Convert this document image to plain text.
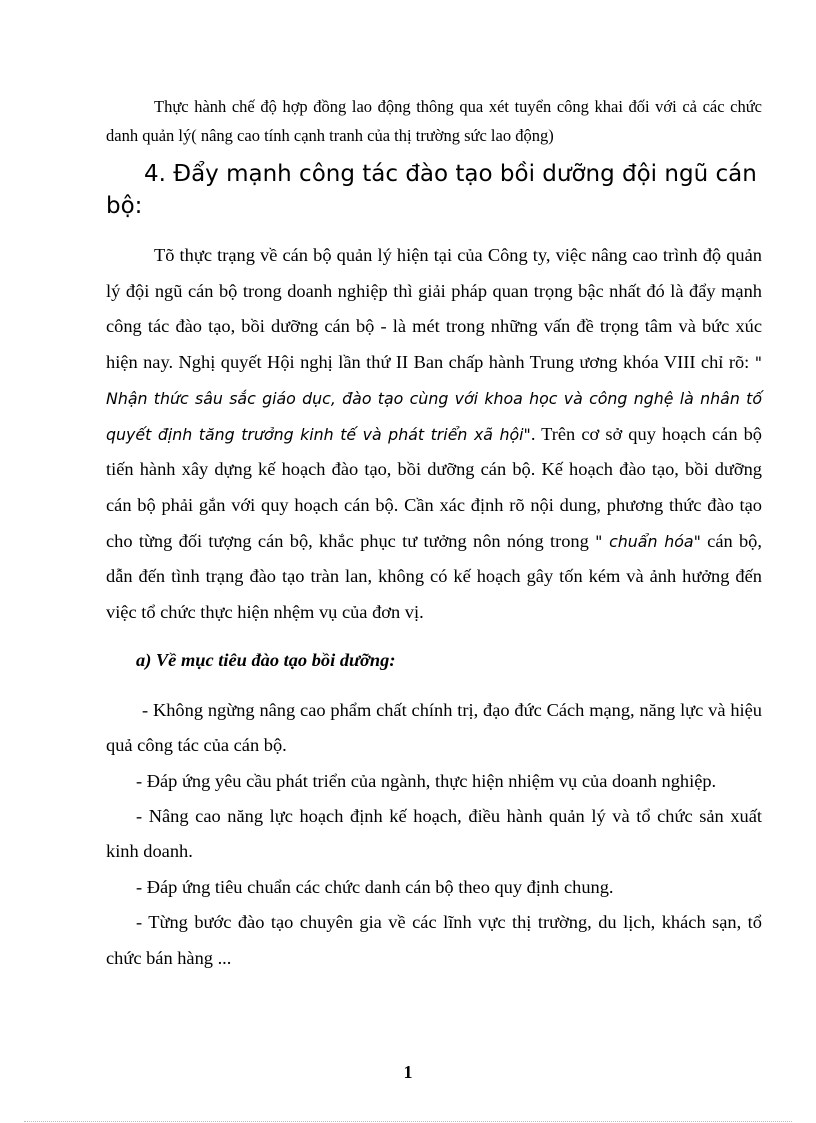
Thực hành chế độ hợp đồng lao động thông qua xét tuyển công khai đối với cả các chức danh quản lý( nâng cao tính cạnh tranh của thị trường sức lao động)

4. Đẩy mạnh công tác đào tạo bồi dưỡng đội ngũ cán bộ:

Tõ thực trạng về cán bộ quản lý hiện tại của Công ty, việc nâng cao trình độ quản lý đội ngũ cán bộ trong doanh nghiệp thì giải pháp quan trọng bậc nhất đó là đẩy mạnh công tác đào tạo, bồi dưỡng cán bộ - là mét trong những vấn đề trọng tâm và bức xúc hiện nay. Nghị quyết Hội nghị lần thứ II Ban chấp hành Trung ương khóa VIII chỉ rõ: " Nhận thức sâu sắc giáo dục, đào tạo cùng với khoa học và công nghệ là nhân tố quyết định tăng trưởng kinh tế và phát triển xã hội". Trên cơ sở quy hoạch cán bộ tiến hành xây dựng kế hoạch đào tạo, bồi dưỡng cán bộ. Kế hoạch đào tạo, bồi dưỡng cán bộ phải gắn với quy hoạch cán bộ. Cần xác định rõ nội dung, phương thức đào tạo cho từng đối tượng cán bộ, khắc phục tư tưởng nôn nóng trong " chuẩn hóa" cán bộ, dẫn đến tình trạng đào tạo tràn lan, không có kế hoạch gây tốn kém và ảnh hưởng đến việc tổ chức thực hiện nhệm vụ của đơn vị.

a) Về mục tiêu đào tạo bồi dưỡng:

- Không ngừng nâng cao phẩm chất chính trị, đạo đức Cách mạng, năng lực và hiệu quả công tác của cán bộ.
- Đáp ứng yêu cầu phát triển của ngành, thực hiện nhiệm vụ của doanh nghiệp.
- Nâng cao năng lực hoạch định kế hoạch, điều hành quản lý và tổ chức sản xuất kinh doanh.
- Đáp ứng tiêu chuẩn các chức danh cán bộ theo quy định chung.
- Từng bước đào tạo chuyên gia về các lĩnh vực thị trường, du lịch, khách sạn, tổ chức bán hàng ...
1
